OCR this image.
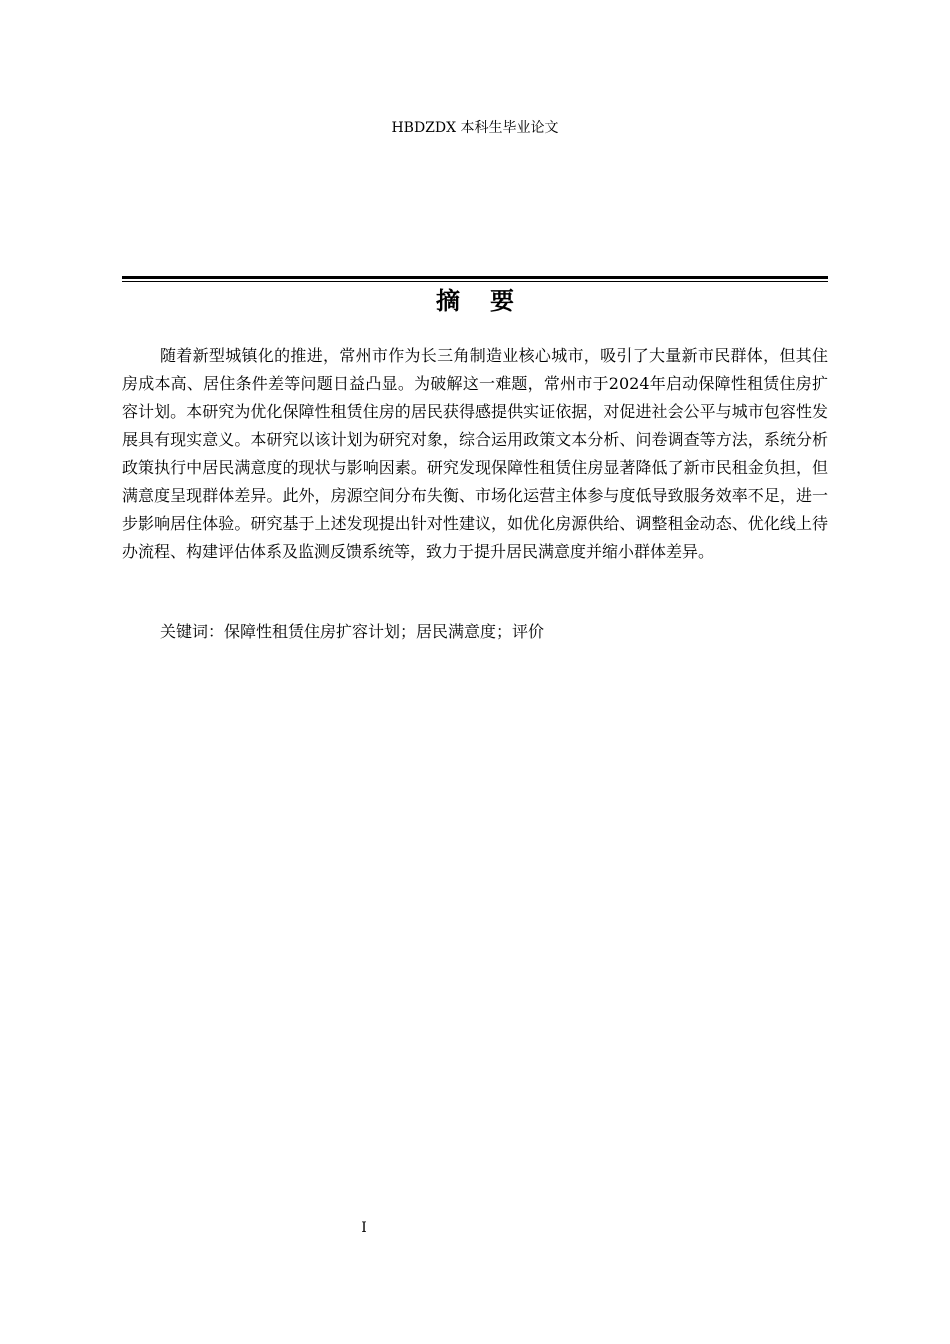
HBDZDX 本科生毕业论文
摘要

随着新型城镇化的推进，常州市作为长三角制造业核心城市，吸引了大量新市民群体，但其住房成本高、居住条件差等问题日益凸显。为破解这一难题，常州市于2024年启动保障性租赁住房扩容计划。本研究为优化保障性租赁住房的居民获得感提供实证依据，对促进社会公平与城市包容性发展具有现实意义。本研究以该计划为研究对象，综合运用政策文本分析、问卷调查等方法，系统分析政策执行中居民满意度的现状与影响因素。研究发现保障性租赁住房显著降低了新市民租金负担，但满意度呈现群体差异。此外，房源空间分布失衡、市场化运营主体参与度低导致服务效率不足，进一步影响居住体验。研究基于上述发现提出针对性建议，如优化房源供给、调整租金动态、优化线上待办流程、构建评估体系及监测反馈系统等，致力于提升居民满意度并缩小群体差异。

关键词：保障性租赁住房扩容计划；居民满意度；评价

I
